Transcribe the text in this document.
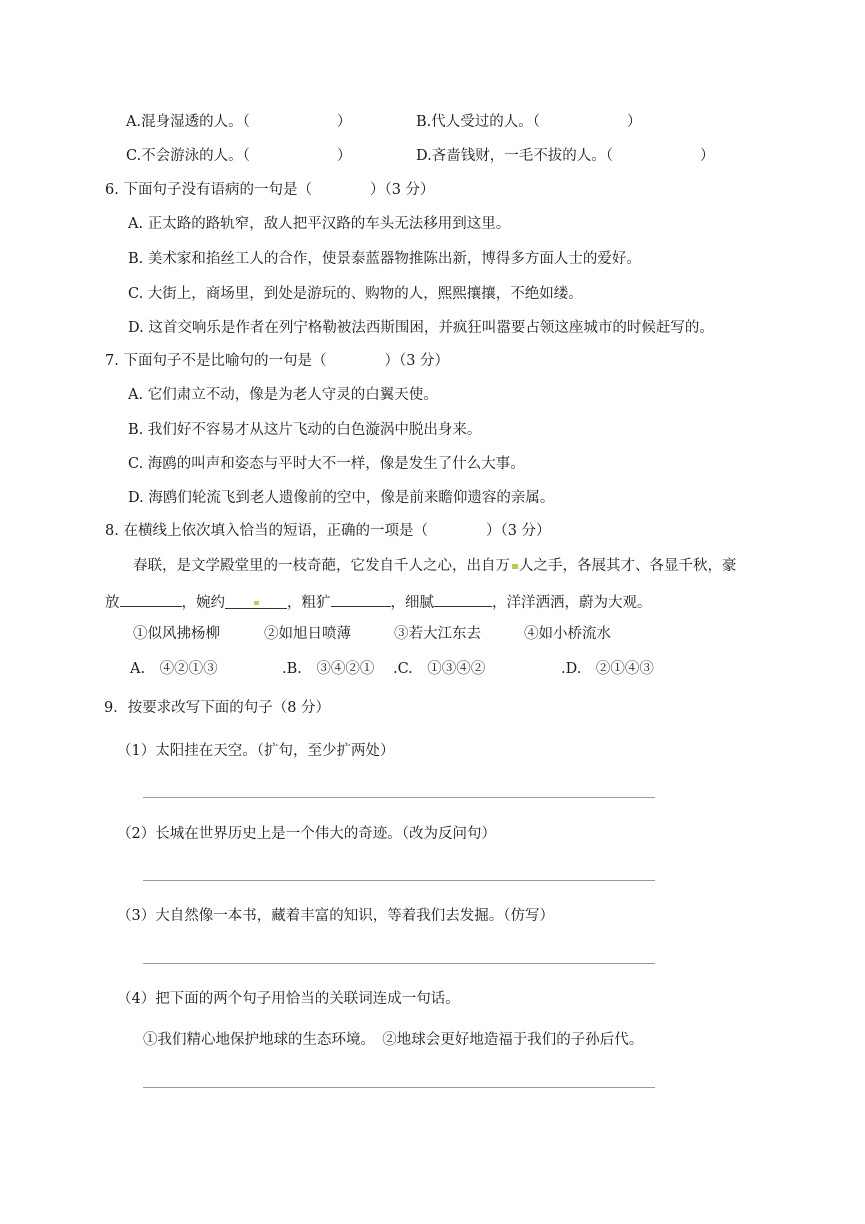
A.混身湿透的人。（　　　　　　）	B.代人受过的人。（　　　　　　）
C.不会游泳的人。（　　　　　　）	D.吝啬钱财，一毛不拔的人。（　　　　　　）
6. 下面句子没有语病的一句是（　　　　）（3 分）
A. 正太路的路轨窄，敌人把平汉路的车头无法移用到这里。
B. 美术家和掐丝工人的合作，使景泰蓝器物推陈出新，博得多方面人士的爱好。
C. 大街上，商场里，到处是游玩的、购物的人，熙熙攘攘，不绝如缕。
D. 这首交响乐是作者在列宁格勒被法西斯围困，并疯狂叫嚣要占领这座城市的时候赶写的。
7. 下面句子不是比喻句的一句是（　　　　）（3 分）
A. 它们肃立不动，像是为老人守灵的白翼天使。
B. 我们好不容易才从这片飞动的白色漩涡中脱出身来。
C. 海鸥的叫声和姿态与平时大不一样，像是发生了什么大事。
D. 海鸥们轮流飞到老人遗像前的空中，像是前来瞻仰遗容的亲属。
8. 在横线上依次填入恰当的短语，正确的一项是（　　　　）（3 分）
春联，是文学殿堂里的一枝奇葩，它发自千人之心，出自万 人之手，各展其才、各显千秋，豪
放	，婉约	，粗犷	，细腻	，洋洋洒洒，蔚为大观。
①似风拂杨柳	②如旭日喷薄	③若大江东去	④如小桥流水
A.　④②①③	.B.　③④②① .C.　①③④②	.D.　②①④③
9．按要求改写下面的句子（8 分）
（1）太阳挂在天空。（扩句，至少扩两处）
（2）长城在世界历史上是一个伟大的奇迹。（改为反问句）
（3）大自然像一本书，藏着丰富的知识，等着我们去发掘。（仿写）
（4）把下面的两个句子用恰当的关联词连成一句话。
①我们精心地保护地球的生态环境。　②地球会更好地造福于我们的子孙后代。
